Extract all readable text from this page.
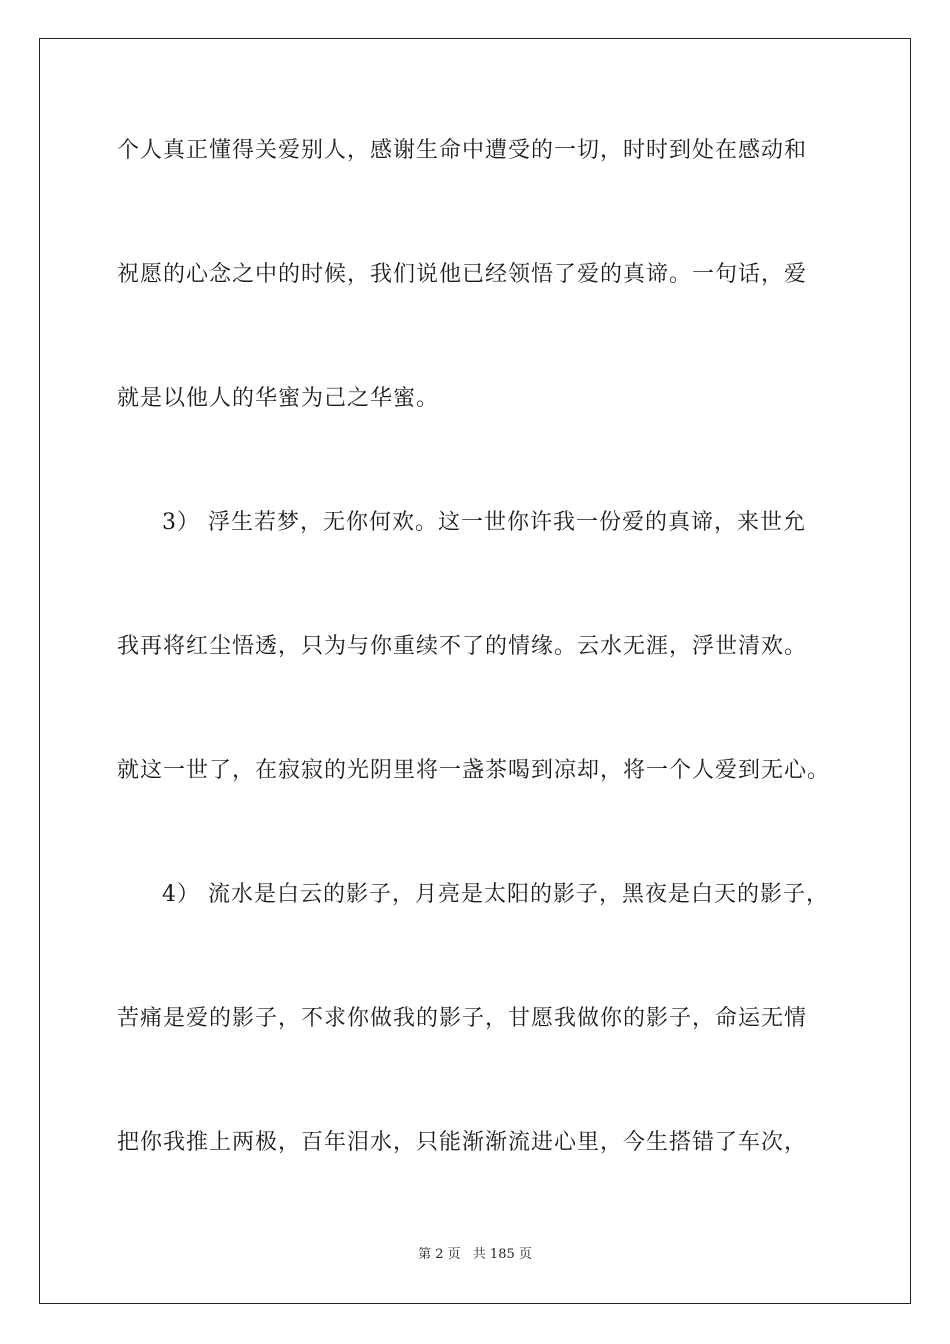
个人真正懂得关爱别人，感谢生命中遭受的一切，时时到处在感动和
祝愿的心念之中的时候，我们说他已经领悟了爱的真谛。一句话，爱
就是以他人的华蜜为己之华蜜。
3） 浮生若梦，无你何欢。这一世你许我一份爱的真谛，来世允
我再将红尘悟透，只为与你重续不了的情缘。云水无涯，浮世清欢。
就这一世了，在寂寂的光阴里将一盏茶喝到凉却，将一个人爱到无心。
4） 流水是白云的影子，月亮是太阳的影子，黑夜是白天的影子，
苦痛是爱的影子，不求你做我的影子，甘愿我做你的影子，命运无情
把你我推上两极，百年泪水，只能渐渐流进心里，今生搭错了车次，
第 2 页 共 185 页
